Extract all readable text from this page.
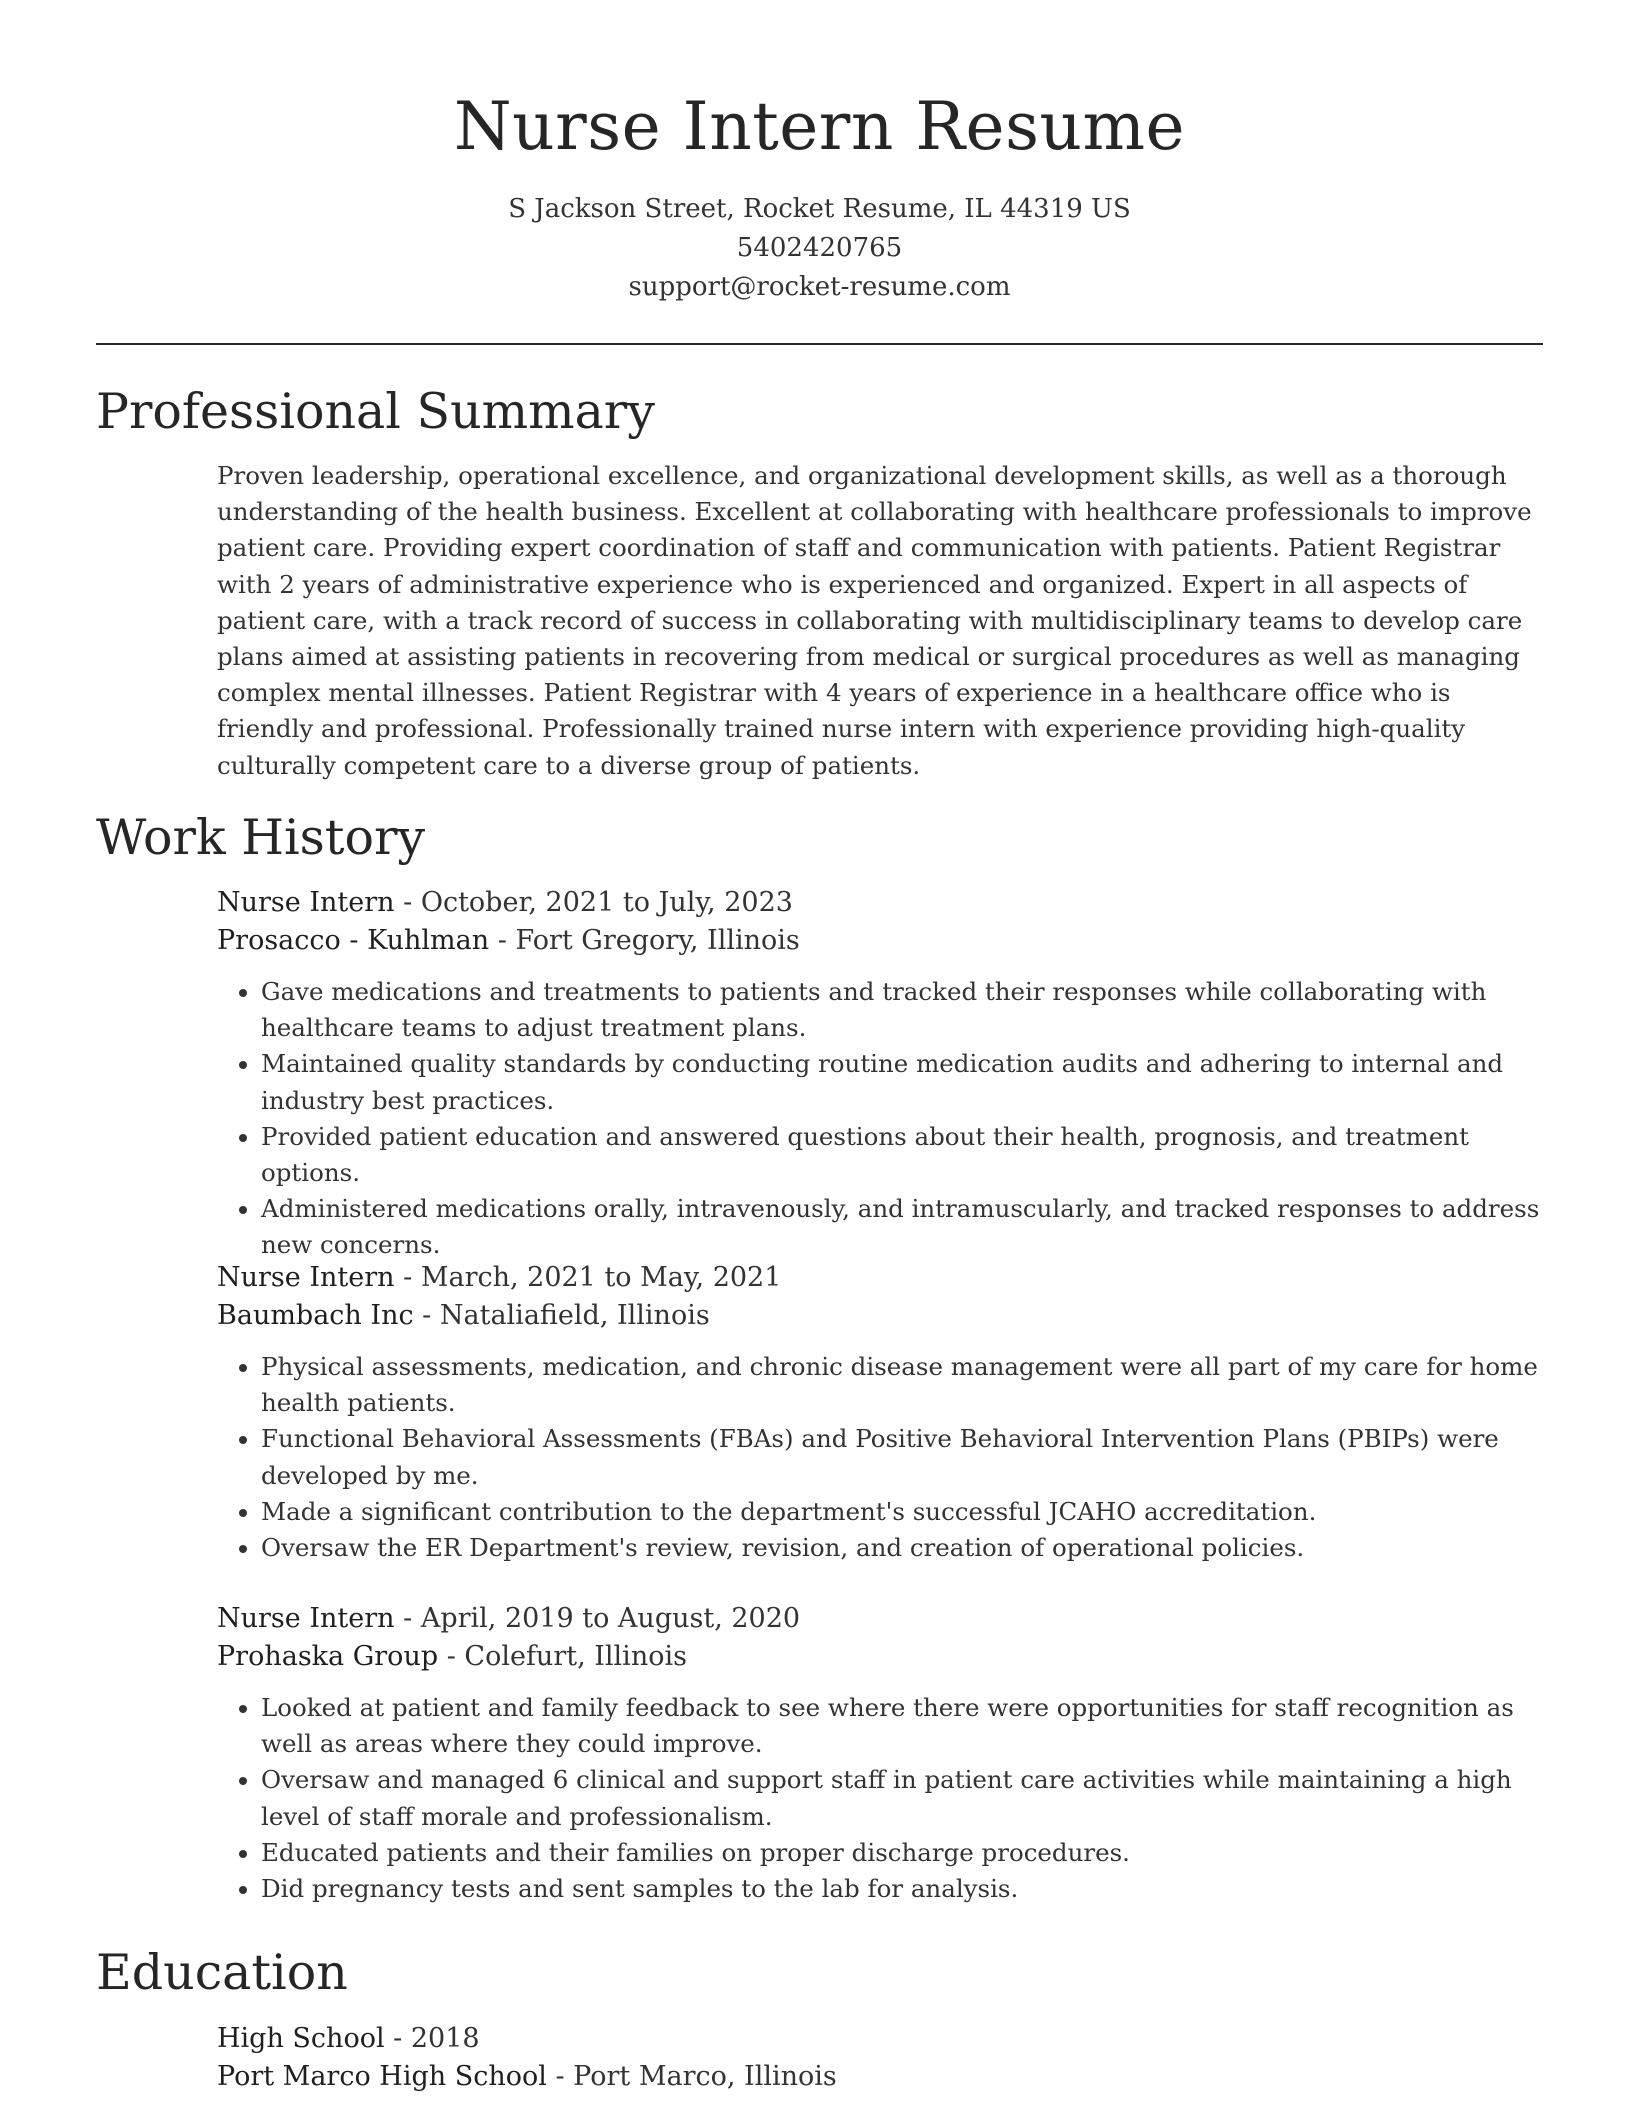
Nurse Intern Resume
S Jackson Street, Rocket Resume, IL 44319 US
5402420765
support@rocket-resume.com
Professional Summary

Proven leadership, operational excellence, and organizational development skills, as well as a thorough understanding of the health business. Excellent at collaborating with healthcare professionals to improve patient care. Providing expert coordination of staff and communication with patients. Patient Registrar with 2 years of administrative experience who is experienced and organized. Expert in all aspects of patient care, with a track record of success in collaborating with multidisciplinary teams to develop care plans aimed at assisting patients in recovering from medical or surgical procedures as well as managing complex mental illnesses. Patient Registrar with 4 years of experience in a healthcare office who is friendly and professional. Professionally trained nurse intern with experience providing high-quality culturally competent care to a diverse group of patients.

Work History
Nurse Intern - October, 2021 to July, 2023
Prosacco - Kuhlman - Fort Gregory, Illinois
• Gave medications and treatments to patients and tracked their responses while collaborating with healthcare teams to adjust treatment plans.
• Maintained quality standards by conducting routine medication audits and adhering to internal and industry best practices.
• Provided patient education and answered questions about their health, prognosis, and treatment options.
• Administered medications orally, intravenously, and intramuscularly, and tracked responses to address new concerns.
Nurse Intern - March, 2021 to May, 2021
Baumbach Inc - Nataliafield, Illinois
• Physical assessments, medication, and chronic disease management were all part of my care for home health patients.
• Functional Behavioral Assessments (FBAs) and Positive Behavioral Intervention Plans (PBIPs) were developed by me.
• Made a significant contribution to the department's successful JCAHO accreditation.
• Oversaw the ER Department's review, revision, and creation of operational policies.
Nurse Intern - April, 2019 to August, 2020
Prohaska Group - Colefurt, Illinois
• Looked at patient and family feedback to see where there were opportunities for staff recognition as well as areas where they could improve.
• Oversaw and managed 6 clinical and support staff in patient care activities while maintaining a high level of staff morale and professionalism.
• Educated patients and their families on proper discharge procedures.
• Did pregnancy tests and sent samples to the lab for analysis.
Education
High School - 2018
Port Marco High School - Port Marco, Illinois
